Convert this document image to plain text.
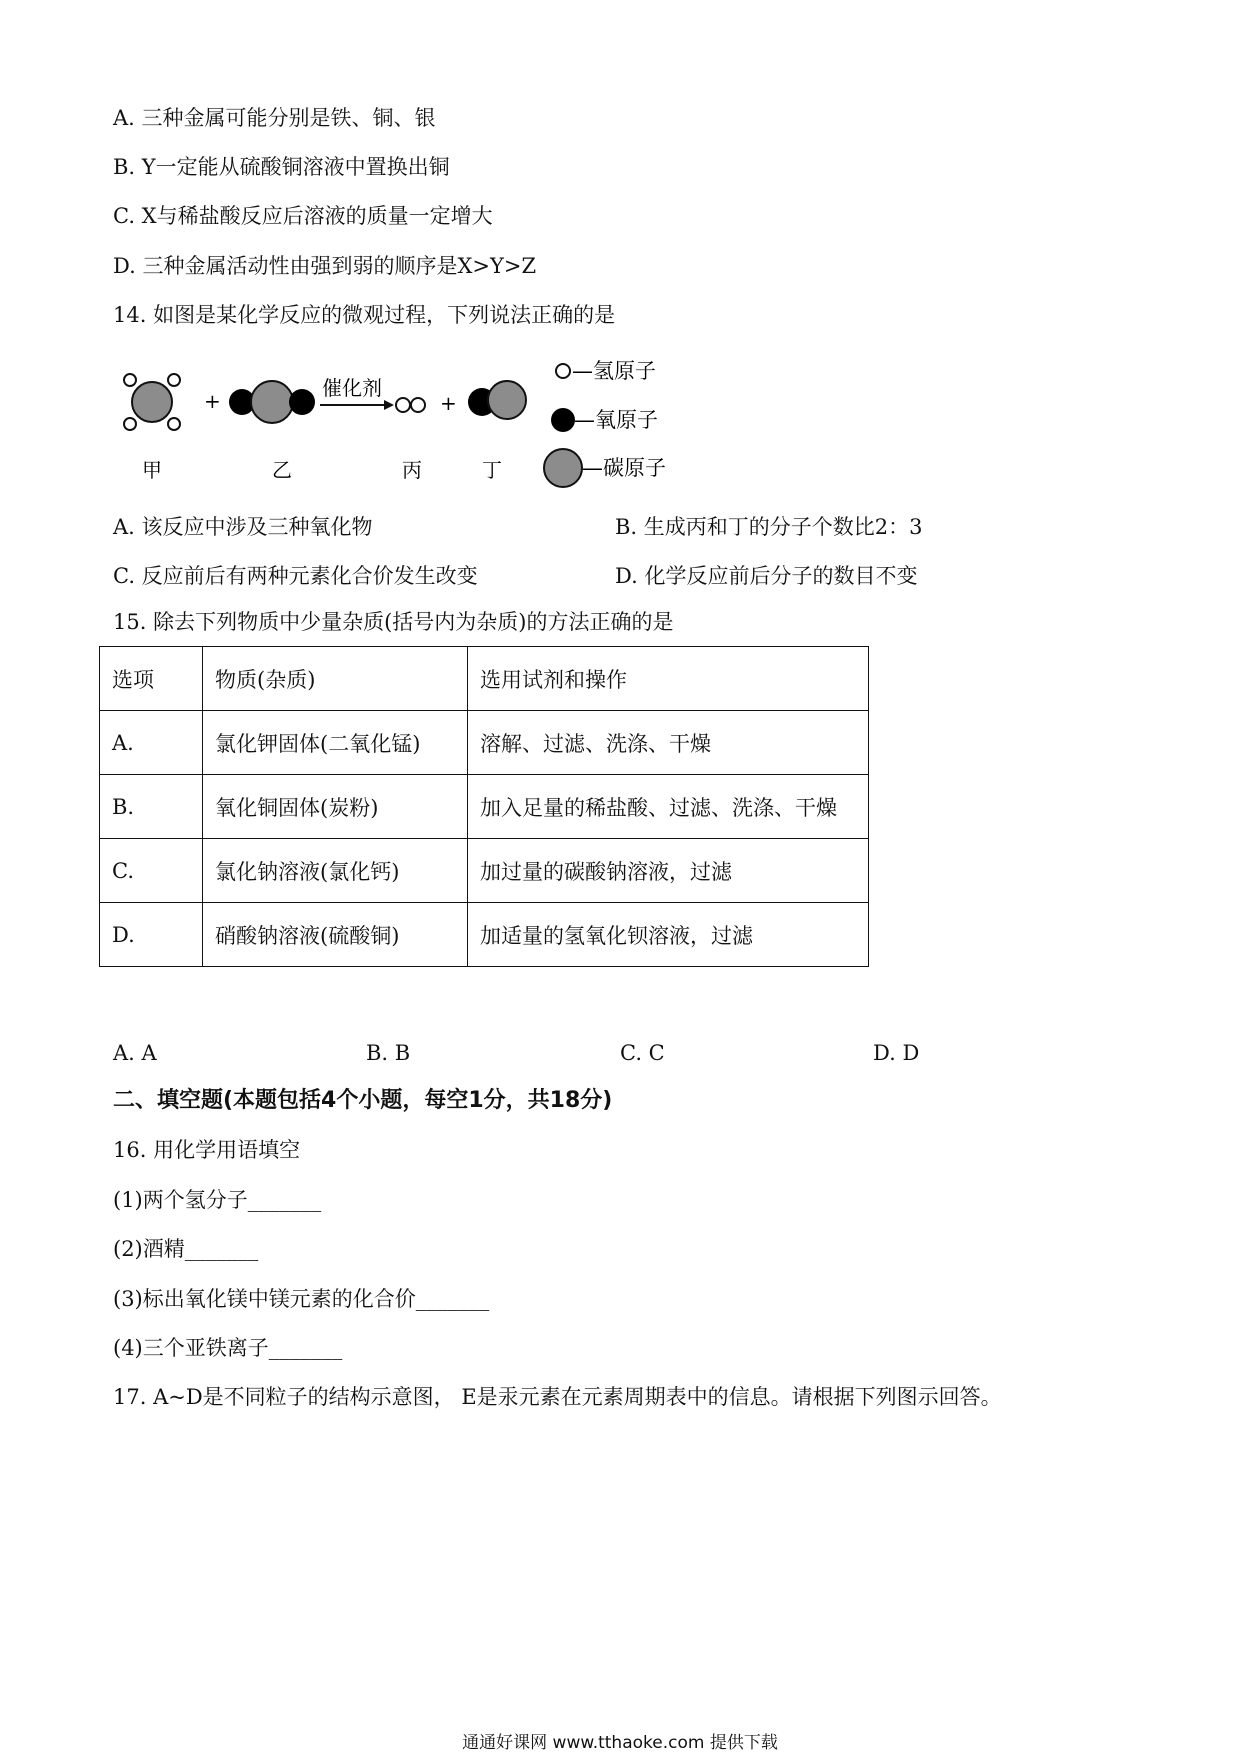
A. 三种金属可能分别是铁、铜、银
B. Y一定能从硫酸铜溶液中置换出铜
C. X与稀盐酸反应后溶液的质量一定增大
D. 三种金属活动性由强到弱的顺序是X>Y>Z
14. 如图是某化学反应的微观过程，下列说法正确的是
+
催化剂
+
甲	乙	丙	丁
—氢原子
—氧原子
—碳原子
A. 该反应中涉及三种氧化物	B. 生成丙和丁的分子个数比2：3
C. 反应前后有两种元素化合价发生改变	D. 化学反应前后分子的数目不变
15. 除去下列物质中少量杂质(括号内为杂质)的方法正确的是
选项	物质(杂质)	选用试剂和操作
A.	氯化钾固体(二氧化锰)	溶解、过滤、洗涤、干燥
B.	氧化铜固体(炭粉)	加入足量的稀盐酸、过滤、洗涤、干燥
C.	氯化钠溶液(氯化钙)	加过量的碳酸钠溶液，过滤
D.	硝酸钠溶液(硫酸铜)	加适量的氢氧化钡溶液，过滤
A. A	B. B	C. C	D. D
二、填空题(本题包括4个小题，每空1分，共18分)
16. 用化学用语填空
(1)两个氢分子_______
(2)酒精_______
(3)标出氧化镁中镁元素的化合价_______
(4)三个亚铁离子_______
17. A~D是不同粒子的结构示意图， E是汞元素在元素周期表中的信息。请根据下列图示回答。
通通好课网 www.tthaoke.com 提供下载
